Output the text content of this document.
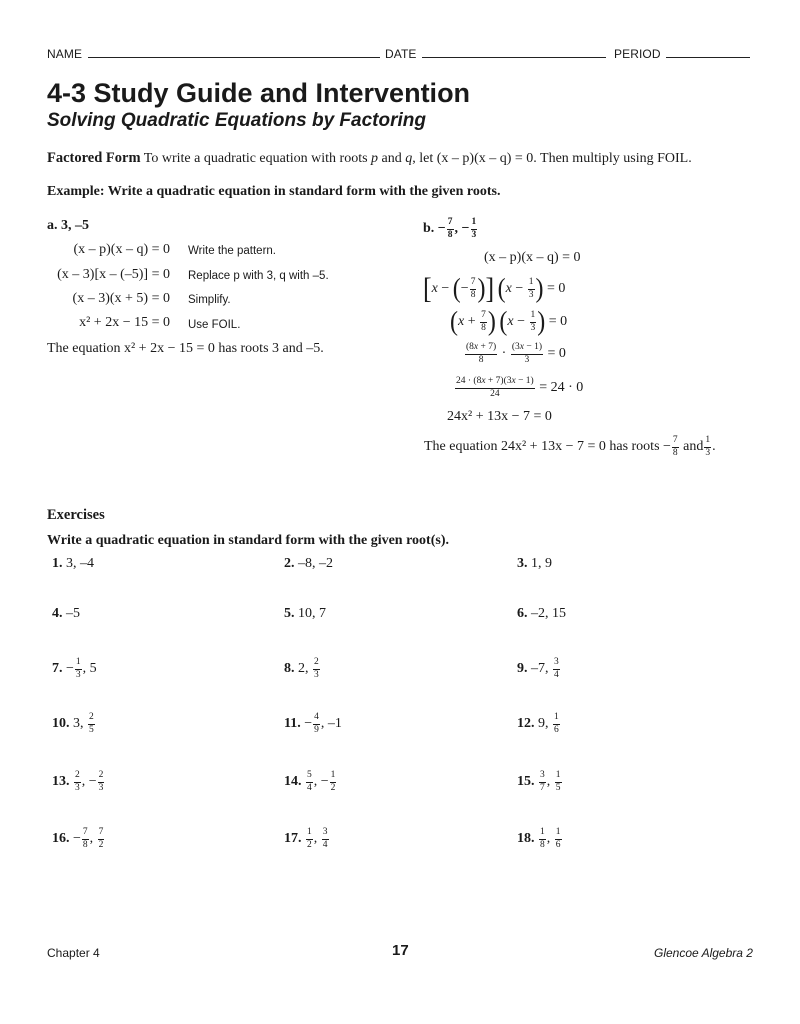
NAME	DATE	PERIOD
4-3 Study Guide and Intervention
Solving Quadratic Equations by Factoring
Factored Form To write a quadratic equation with roots p and q, let (x – p)(x – q) = 0. Then multiply using FOIL.
Example: Write a quadratic equation in standard form with the given roots.
a. 3, –5
(x – p)(x – q) = 0 Write the pattern.
(x – 3)[x – (–5)] = 0 Replace p with 3, q with –5.
(x – 3)(x + 5) = 0 Simplify.
x² + 2x − 15 = 0 Use FOIL.
The equation x² + 2x − 15 = 0 has roots 3 and –5.
b. − $\frac{7}{8}$ , − $\frac{1}{3}$
(x – p)(x – q) = 0
[x − (− $\frac{7}{8}$ )] ($x - \frac{1}{3}$ ) = 0
($x + \frac{7}{8}$ ) ($x - \frac{1}{3}$ ) = 0
$\frac{(8x + 7)}{8} \cdot \frac{(3x - 1)}{3} = 0$
$\frac{24 \cdot (8x + 7)(3x - 1)}{24} = 24 \cdot 0$
24x² + 13x − 7 = 0
The equation 24x² + 13x − 7 = 0 has roots − $\frac{7}{8}$ and $\frac{1}{3}$ .
Exercises
Write a quadratic equation in standard form with the given root(s).
1. 3, –4	2. –8, –2	3. 1, 9
4. –5	5. 10, 7	6. –2, 15
7. − $\frac{1}{3}$ , 5	8. 2, $\frac{2}{3}$	9. –7, $\frac{3}{4}$
10. 3, $\frac{2}{5}$	11. − $\frac{4}{9}$ , –1	12. 9, $\frac{1}{6}$
13. $\frac{2}{3}$ , − $\frac{2}{3}$	14. $\frac{5}{4}$ , − $\frac{1}{2}$	15. $\frac{3}{7}$ , $\frac{1}{5}$
16. − $\frac{7}{8}$ , $\frac{7}{2}$	17. $\frac{1}{2}$ , $\frac{3}{4}$	18. $\frac{1}{8}$ , $\frac{1}{6}$
Chapter 4	17	Glencoe Algebra 2
